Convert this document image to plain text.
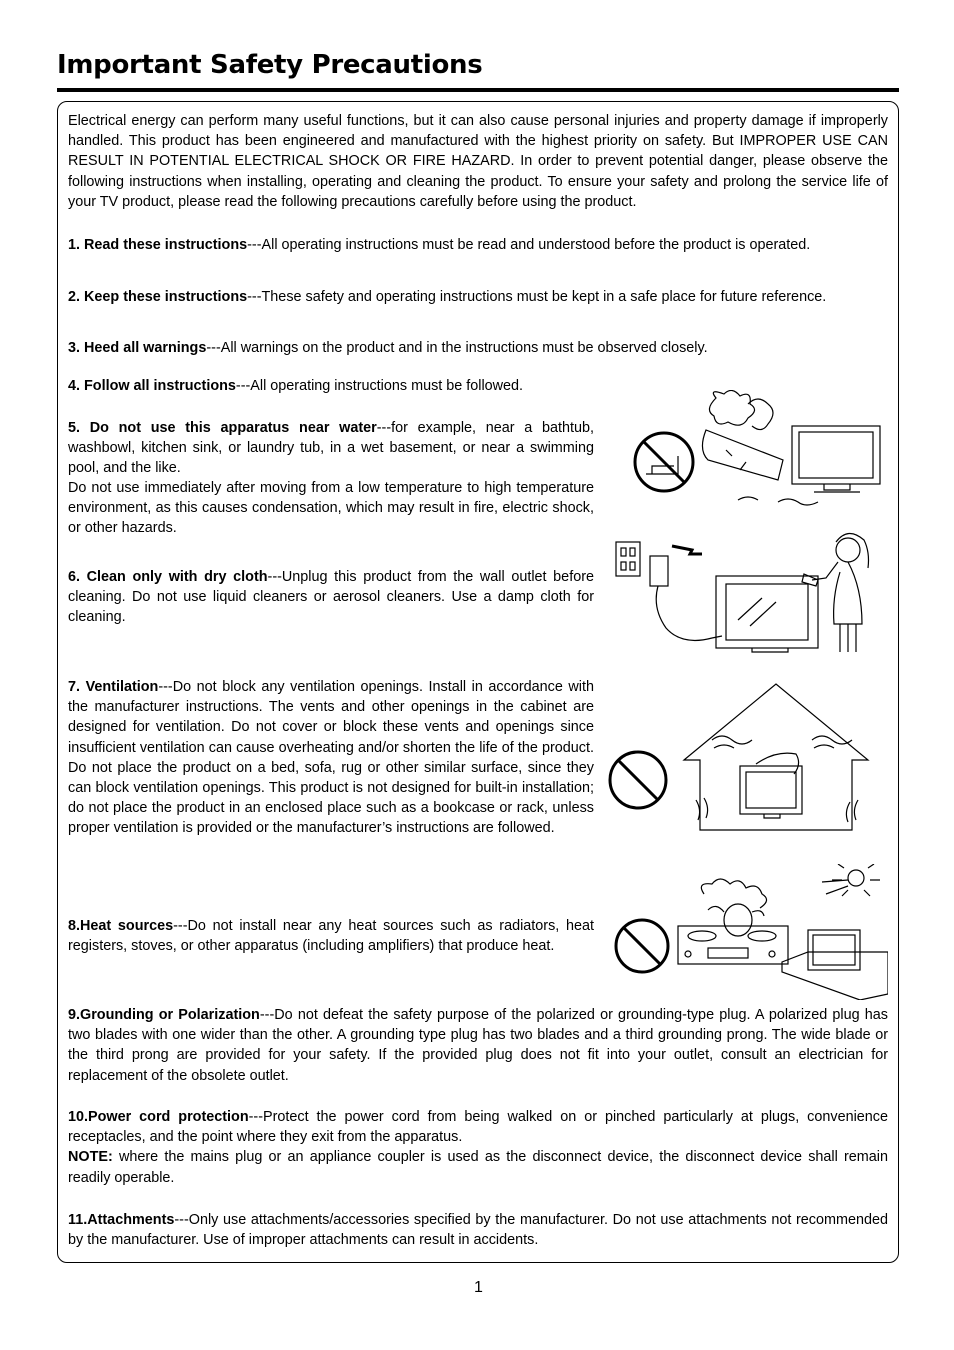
Important Safety Precautions
Electrical energy can perform many useful functions, but it can also cause personal injuries and property damage if improperly handled. This product has been engineered and manufactured with the highest priority on safety. But IMPROPER USE CAN RESULT IN POTENTIAL ELECTRICAL SHOCK OR FIRE HAZARD. In order to prevent potential danger, please observe the following instructions when installing, operating and cleaning the product. To ensure your safety and prolong the service life of your TV product, please read the following precautions carefully before using the product.
1. Read these instructions---All operating instructions must be read and understood before the product is operated.
2. Keep these instructions---These safety and operating instructions must be kept in a safe place for future reference.
3. Heed all warnings---All warnings on the product and in the instructions must be observed closely.
4. Follow all instructions---All operating instructions must be followed.
5. Do not use this apparatus near water---for example, near a bathtub, washbowl, kitchen sink, or laundry tub, in a wet basement, or near a swimming pool, and the like.
Do not use immediately after moving from a low temperature to high temperature environment, as this causes condensation, which may result in fire, electric shock, or other hazards.
6. Clean only with dry cloth---Unplug this product from the wall outlet before cleaning. Do not use liquid cleaners or aerosol cleaners. Use a damp cloth for cleaning.
7. Ventilation---Do not block any ventilation openings. Install in accordance with the manufacturer instructions. The vents and other openings in the cabinet are designed for ventilation. Do not cover or block these vents and openings since insufficient ventilation can cause overheating and/or shorten the life of the product. Do not place the product on a bed, sofa, rug or other similar surface, since they can block ventilation openings. This product is not designed for built-in installation; do not place the product in an enclosed place such as a bookcase or rack, unless proper ventilation is provided or the manufacturer’s instructions are followed.
8.Heat sources---Do not install near any heat sources such as radiators, heat registers, stoves, or other apparatus (including amplifiers) that produce heat.
9.Grounding or Polarization---Do not defeat the safety purpose of the polarized or grounding-type plug. A polarized plug has two blades with one wider than the other. A grounding type plug has two blades and a third grounding prong. The wide blade or the third prong are provided for your safety. If the provided plug does not fit into your outlet, consult an electrician for replacement of the obsolete outlet.
10.Power cord protection---Protect the power cord from being walked on or pinched particularly at plugs, convenience receptacles, and the point where they exit from the apparatus.
NOTE: where the mains plug or an appliance coupler is used as the disconnect device, the disconnect device shall remain readily operable.
11.Attachments---Only use attachments/accessories specified by the manufacturer. Do not use attachments not recommended by the manufacturer. Use of improper attachments can result in accidents.
1
